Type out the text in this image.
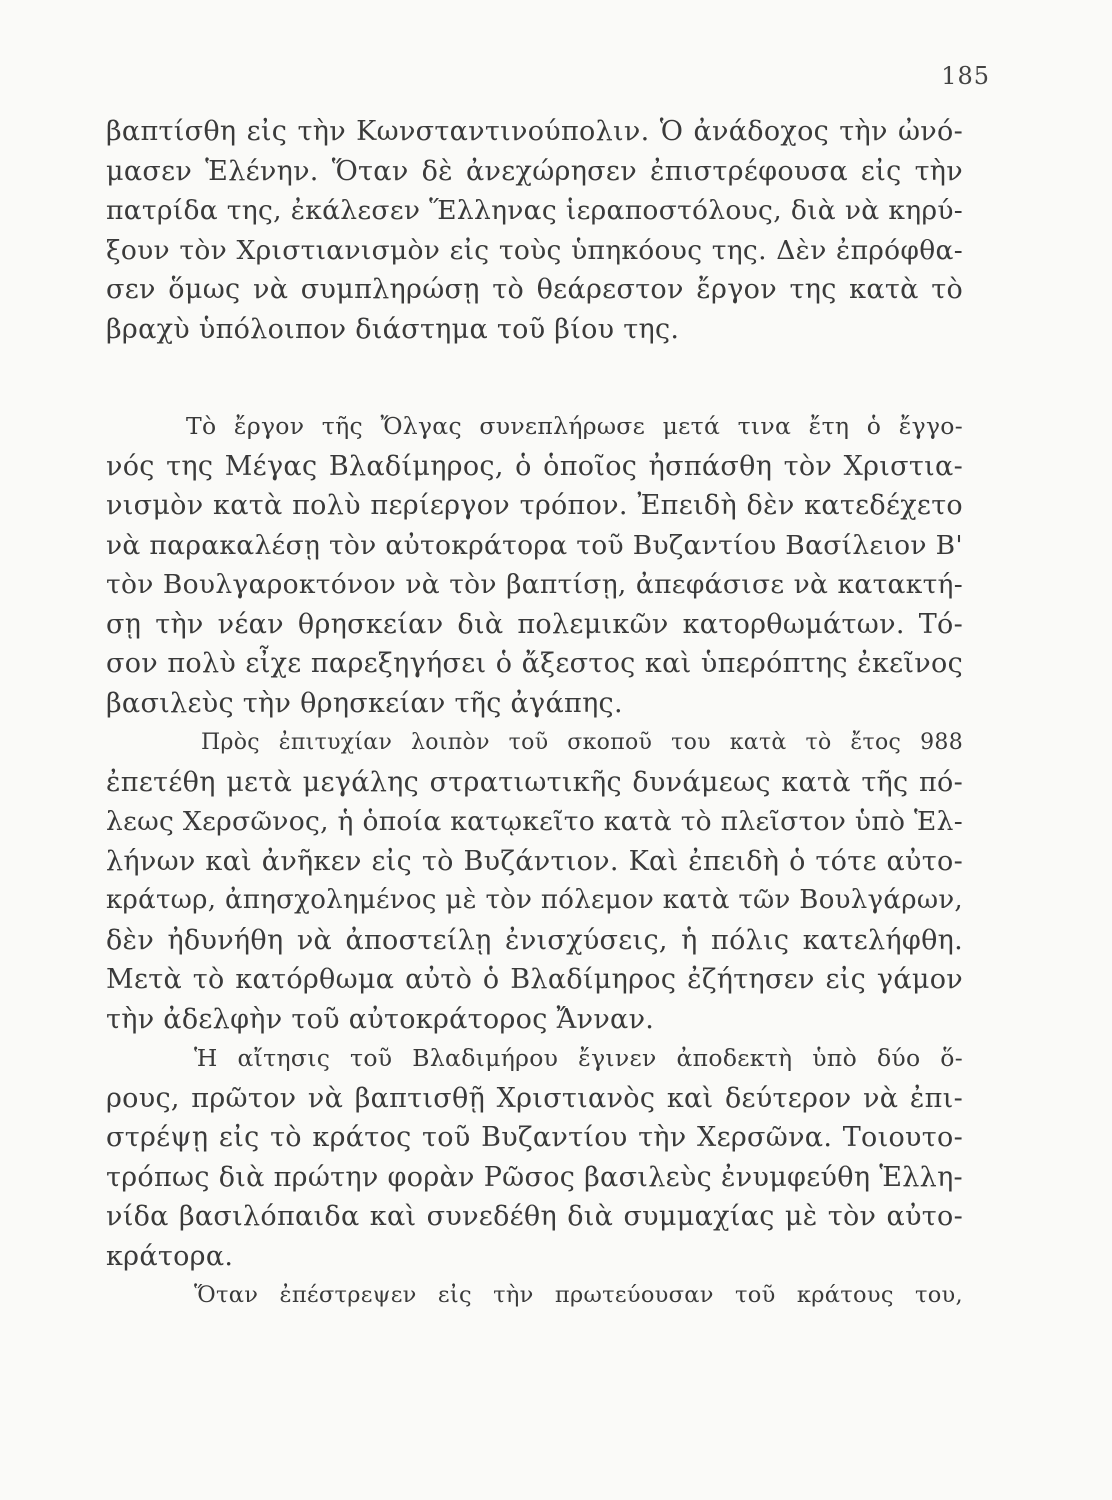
185
βαπτίσθη εἰς τὴν Κωνσταντινούπολιν. Ὁ ἀνάδοχος τὴν ὠνό-
μασεν Ἑλένην. Ὅταν δὲ ἀνεχώρησεν ἐπιστρέφουσα εἰς τὴν
πατρίδα της, ἐκάλεσεν Ἕλληνας ἱεραποστόλους, διὰ νὰ κηρύ-
ξουν τὸν Χριστιανισμὸν εἰς τοὺς ὑπηκόους της. Δὲν ἐπρόφθα-
σεν ὅμως νὰ συμπληρώσῃ τὸ θεάρεστον ἔργον της κατὰ τὸ
βραχὺ ὑπόλοιπον διάστημα τοῦ βίου της.
Τὸ ἔργον τῆς Ὄλγας συνεπλήρωσε μετά τινα ἔτη ὁ ἔγγο-
νός της Μέγας Βλαδίμηρος, ὁ ὁποῖος ἠσπάσθη τὸν Χριστια-
νισμὸν κατὰ πολὺ περίεργον τρόπον. Ἐπειδὴ δὲν κατεδέχετο
νὰ παρακαλέσῃ τὸν αὐτοκράτορα τοῦ Βυζαντίου Βασίλειον Β'
τὸν Βουλγαροκτόνον νὰ τὸν βαπτίσῃ, ἀπεφάσισε νὰ κατακτή-
σῃ τὴν νέαν θρησκείαν διὰ πολεμικῶν κατορθωμάτων. Τό-
σον πολὺ εἶχε παρεξηγήσει ὁ ἄξεστος καὶ ὑπερόπτης ἐκεῖνος
βασιλεὺς τὴν θρησκείαν τῆς ἀγάπης.
Πρὸς ἐπιτυχίαν λοιπὸν τοῦ σκοποῦ του κατὰ τὸ ἔτος 988
ἐπετέθη μετὰ μεγάλης στρατιωτικῆς δυνάμεως κατὰ τῆς πό-
λεως Χερσῶνος, ἡ ὁποία κατῳκεῖτο κατὰ τὸ πλεῖστον ὑπὸ Ἑλ-
λήνων καὶ ἀνῆκεν εἰς τὸ Βυζάντιον. Καὶ ἐπειδὴ ὁ τότε αὐτο-
κράτωρ, ἀπησχολημένος μὲ τὸν πόλεμον κατὰ τῶν Βουλγάρων,
δὲν ἠδυνήθη νὰ ἀποστείλῃ ἐνισχύσεις, ἡ πόλις κατελήφθη.
Μετὰ τὸ κατόρθωμα αὐτὸ ὁ Βλαδίμηρος ἐζήτησεν εἰς γάμον
τὴν ἀδελφὴν τοῦ αὐτοκράτορος Ἄνναν.
Ἡ αἴτησις τοῦ Βλαδιμήρου ἔγινεν ἀποδεκτὴ ὑπὸ δύο ὅ-
ρους, πρῶτον νὰ βαπτισθῇ Χριστιανὸς καὶ δεύτερον νὰ ἐπι-
στρέψῃ εἰς τὸ κράτος τοῦ Βυζαντίου τὴν Χερσῶνα. Τοιουτο-
τρόπως διὰ πρώτην φορὰν Ρῶσος βασιλεὺς ἐνυμφεύθη Ἑλλη-
νίδα βασιλόπαιδα καὶ συνεδέθη διὰ συμμαχίας μὲ τὸν αὐτο-
κράτορα.
Ὅταν ἐπέστρεψεν εἰς τὴν πρωτεύουσαν τοῦ κράτους του,
